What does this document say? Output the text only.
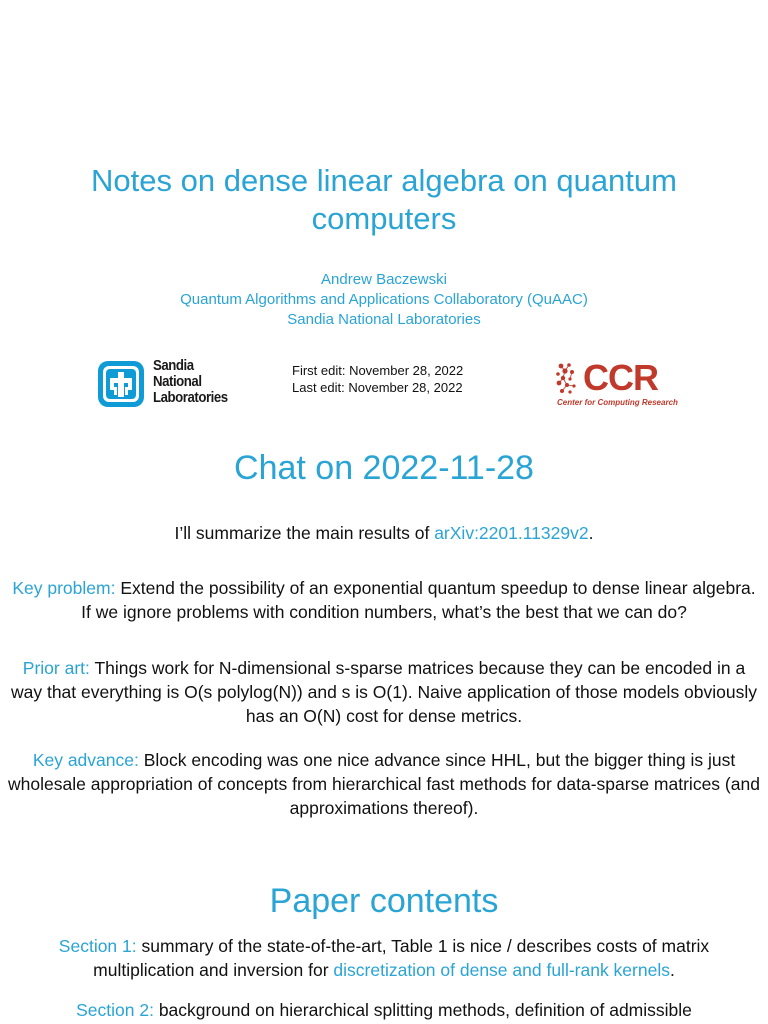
Notes on dense linear algebra on quantum computers
Andrew Baczewski
Quantum Algorithms and Applications Collaboratory (QuAAC)
Sandia National Laboratories
Sandia
National
Laboratories
First edit: November 28, 2022
Last edit: November 28, 2022	CCR
Center for Computing Research
Chat on 2022-11-28
I’ll summarize the main results of arXiv:2201.11329v2.
Key problem: Extend the possibility of an exponential quantum speedup to dense linear algebra. If we ignore problems with condition numbers, what’s the best that we can do?
Prior art: Things work for N-dimensional s-sparse matrices because they can be encoded in a way that everything is O(s polylog(N)) and s is O(1). Naive application of those models obviously has an O(N) cost for dense metrics.
Key advance: Block encoding was one nice advance since HHL, but the bigger thing is just wholesale appropriation of concepts from hierarchical fast methods for data-sparse matrices (and approximations thereof).
Paper contents
Section 1: summary of the state-of-the-art, Table 1 is nice / describes costs of matrix multiplication and inversion for discretization of dense and full-rank kernels.
Section 2: background on hierarchical splitting methods, definition of admissible
